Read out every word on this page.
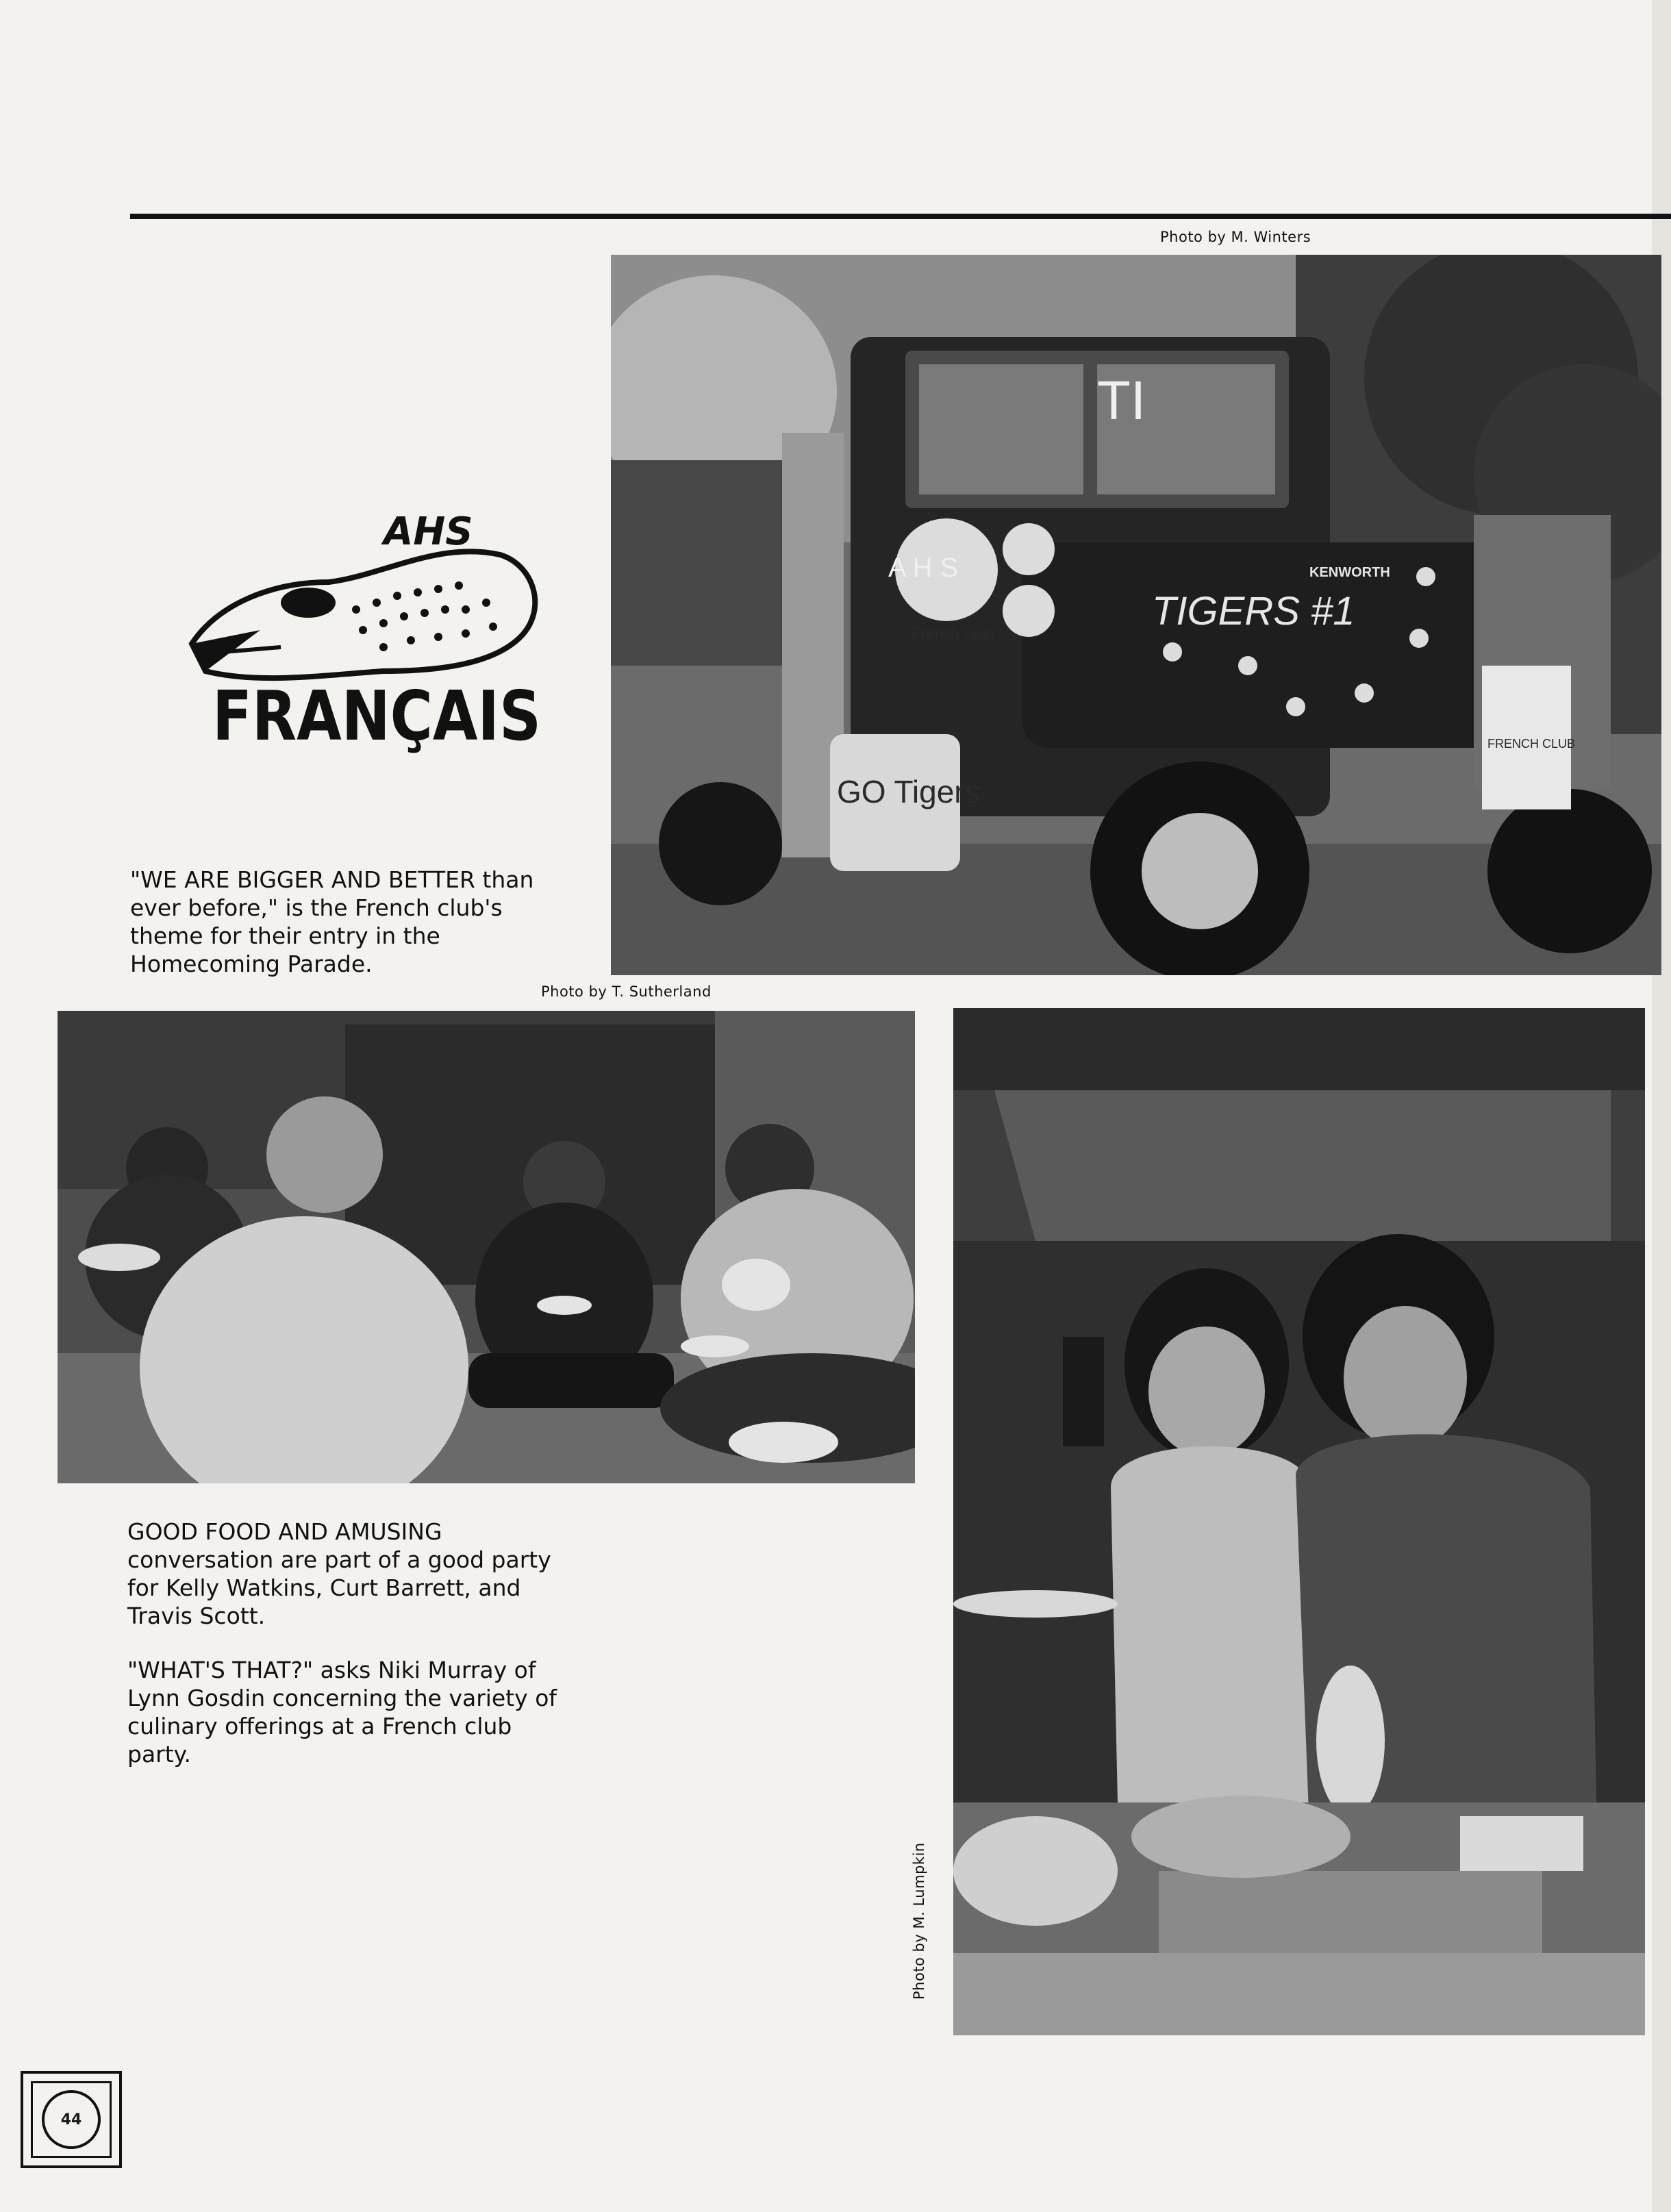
Photo by M. Winters
TIGERS #1
KENWORTH
TI
A H S
French Club
GO Tigers
FRENCH CLUB
AHS
FRANÇAIS

"WE ARE BIGGER AND BETTER than ever before," is the French club's theme for their entry in the Homecoming Parade.

Photo by T. Sutherland
Photo by M. Lumpkin

GOOD FOOD AND AMUSING conversation are part of a good party for Kelly Watkins, Curt Barrett, and Travis Scott.

"WHAT'S THAT?" asks Niki Murray of Lynn Gosdin concerning the variety of culinary offerings at a French club party.

44
